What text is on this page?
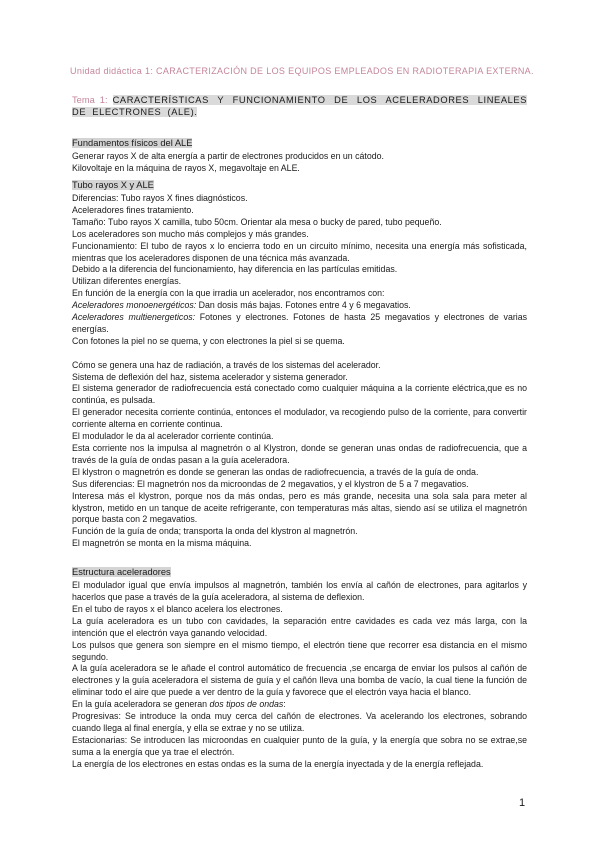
Unidad didáctica 1: CARACTERIZACIÓN DE LOS EQUIPOS EMPLEADOS EN RADIOTERAPIA EXTERNA.
Tema 1: CARACTERÍSTICAS Y FUNCIONAMIENTO DE LOS ACELERADORES LINEALES DE ELECTRONES (ALE).
Fundamentos físicos del ALE

Generar rayos X de alta energía a partir de electrones producidos en un cátodo.

Kilovoltaje en la máquina de rayos X, megavoltaje en ALE.

Tubo rayos X y ALE

Diferencias: Tubo rayos X fines diagnósticos.

Aceleradores fines tratamiento.

Tamaño: Tubo rayos X camilla, tubo 50cm. Orientar ala mesa o bucky de pared, tubo pequeño.

Los aceleradores son mucho más complejos y más grandes.

Funcionamiento: El tubo de rayos x lo encierra todo en un circuito mínimo, necesita una energía más sofisticada, mientras que los aceleradores disponen de una técnica más avanzada.

Debido a la diferencia del funcionamiento, hay diferencia en las partículas emitidas.

Utilizan diferentes energías.

En función de la energía con la que irradia un acelerador, nos encontramos con:

Aceleradores monoenergéticos: Dan dosis más bajas. Fotones entre 4 y 6 megavatios.

Aceleradores multienergeticos: Fotones y electrones. Fotones de hasta 25 megavatios y electrones de varias energías.

Con fotones la piel no se quema, y con electrones la piel si se quema.

Cómo se genera una haz de radiación, a través de los sistemas del acelerador.

Sistema de deflexión del haz, sistema acelerador y sistema generador.

El sistema generador de radiofrecuencia está conectado como cualquier máquina a la corriente eléctrica,que es no continúa, es pulsada.

El generador necesita corriente continúa, entonces el modulador, va recogiendo pulso de la corriente, para convertir corriente alterna en corriente continua.

El modulador le da al acelerador corriente continúa.

Esta corriente nos la impulsa al magnetrón o al Klystron, donde se generan unas ondas de radiofrecuencia, que a través de la guía de ondas pasan a la guía aceleradora.

El klystron o magnetrón es donde se generan las ondas de radiofrecuencia, a través de la guía de onda.

Sus diferencias: El magnetrón nos da microondas de 2 megavatios, y el klystron de 5 a 7 megavatios.

Interesa más el klystron, porque nos da más ondas, pero es más grande, necesita una sola sala para meter al klystron, metido en un tanque de aceite refrigerante, con temperaturas más altas, siendo así se utiliza el magnetrón porque basta con 2 megavatios.

Función de la guía de onda; transporta la onda del klystron al magnetrón.

El magnetrón se monta en la misma máquina.

Estructura aceleradores

El modulador igual que envía impulsos al magnetrón, también los envía al cañón de electrones, para agitarlos y hacerlos que pase a través de la guía aceleradora, al sistema de deflexion.

En el tubo de rayos x el blanco acelera los electrones.

La guía aceleradora es un tubo con cavidades, la separación entre cavidades es cada vez más larga, con la intención que el electrón vaya ganando velocidad.

Los pulsos que genera son siempre en el mismo tiempo, el electrón tiene que recorrer esa distancia en el mismo segundo.

A la guía aceleradora se le añade el control automático de frecuencia ,se encarga de enviar los pulsos al cañón de electrones y la guía aceleradora el sistema de guía y el cañón lleva una bomba de vacío, la cual tiene la función de eliminar todo el aire que puede a ver dentro de la guía y favorece que el electrón vaya hacia el blanco.

En la guía aceleradora se generan dos tipos de ondas:

Progresivas: Se introduce la onda muy cerca del cañón de electrones. Va acelerando los electrones, sobrando cuando llega al final energía, y ella se extrae y no se utiliza.

Estacionarias: Se introducen las microondas en cualquier punto de la guía, y la energía que sobra no se extrae,se suma a la energía que ya trae el electrón.

La energía de los electrones en estas ondas es la suma de la energía inyectada y de la energía reflejada.

1
